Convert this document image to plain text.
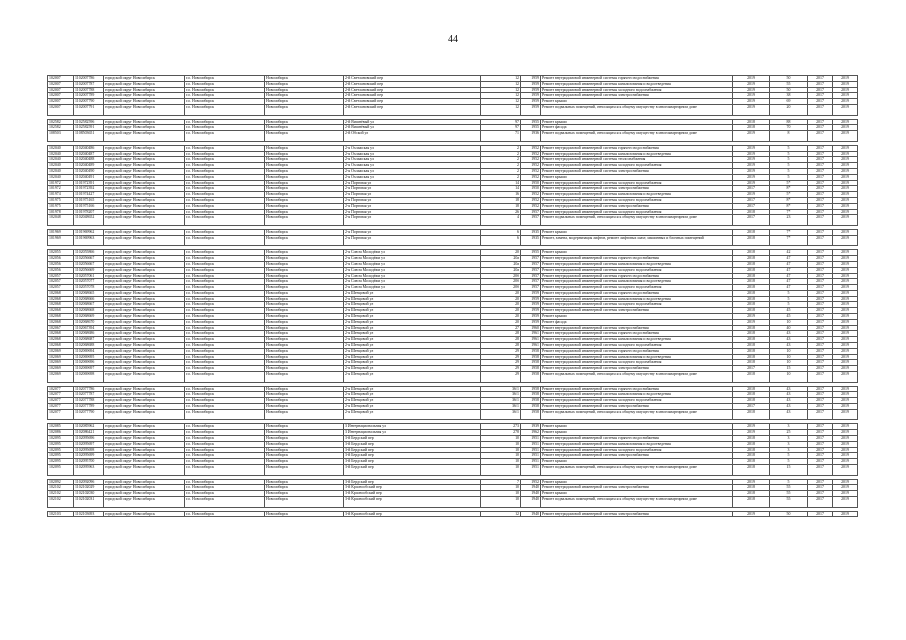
44
102007	1102007786	городской округ Новосибирск	г.о. Новосибирск	Новосибирск	2-й Светлановский пер	12	1959	Ремонт внутридомовой инженерной системы горячего водоснабжения	2019	50	2017	2019
102007	1102007787	городской округ Новосибирск	г.о. Новосибирск	Новосибирск	2-й Светлановский пер	12	1959	Ремонт внутридомовой инженерной системы канализования и водоотведения	2019	55	2017	2019
102007	1102007788	городской округ Новосибирск	г.о. Новосибирск	Новосибирск	2-й Светлановский пер	12	1959	Ремонт внутридомовой инженерной системы холодного водоснабжения	2019	50	2017	2019
102007	1102007789	городской округ Новосибирск	г.о. Новосибирск	Новосибирск	2-й Светлановский пер	12	1959	Ремонт внутридомовой инженерной системы электроснабжения	2019	38	2017	2019
102007	1102007790	городской округ Новосибирск	г.о. Новосибирск	Новосибирск	2-й Светлановский пер	12	1959	Ремонт крыши	2019	69	2017	2019
102007	1102007791	городской округ Новосибирск	г.о. Новосибирск	Новосибирск	2-й Светлановский пер	12	1959	Ремонт подвальных помещений, относящихся к общему имуществу в многоквартирном доме	2019	20	2017	2019

102582	1102582596	городской округ Новосибирск	г.о. Новосибирск	Новосибирск	2-й Вишнёвый ул	97	1955	Ремонт крыши	2018	88	2017	2019
102582	1102582591	городской округ Новосибирск	г.о. Новосибирск	Новосибирск	2-й Вишнёвый ул	97	1955	Ремонт фасада	2018	70	2017	2019
108503	1108503651	городской округ Новосибирск	г.о. Новосибирск	Новосибирск	2-й Обской ул	71	1936	Ремонт подвальных помещений, относящихся к общему имуществу в многоквартирном доме	2019	8	2017	2019

102040	1102040486	городской округ Новосибирск	г.о. Новосибирск	Новосибирск	2-я Охлажская ул	2	1952	Ремонт внутридомовой инженерной системы горячего водоснабжения	2019	5	2017	2019
102040	1102040487	городской округ Новосибирск	г.о. Новосибирск	Новосибирск	2-я Охлажская ул	2	1952	Ремонт внутридомовой инженерной системы канализования и водоотведения	2019	5	2017	2019
102040	1102040488	городской округ Новосибирск	г.о. Новосибирск	Новосибирск	2-я Охлажская ул	2	1952	Ремонт внутридомовой инженерной системы теплоснабжения	2019	5	2017	2019
102040	1102040489	городской округ Новосибирск	г.о. Новосибирск	Новосибирск	2-я Охлажская ул	2	1952	Ремонт внутридомовой инженерной системы холодного водоснабжения	2019	5	2017	2019
102040	1102040490	городской округ Новосибирск	г.о. Новосибирск	Новосибирск	2-я Охлажская ул	2	1952	Ремонт внутридомовой инженерной системы электроснабжения	2019	5	2017	2019
102040	1102040491	городской округ Новосибирск	г.о. Новосибирск	Новосибирск	2-я Охлажская ул	2	1952	Ремонт крыши	2019	5	2017	2019
101972	1101972391	городской округ Новосибирск	г.о. Новосибирск	Новосибирск	2-я Портовая ул	14	1950	Ремонт внутридомовой инженерной системы холодного водоснабжения	2019	5*	2017	2019
101972	1101972392	городской округ Новосибирск	г.о. Новосибирск	Новосибирск	2-я Портовая ул	14	1950	Ремонт внутридомовой инженерной системы электроснабжения	2017	8*	2017	2019
101974	1101974427	городской округ Новосибирск	г.о. Новосибирск	Новосибирск	2-я Портовая ул	16	1952	Ремонт внутридомовой инженерной системы канализования и водоотведения	2019	5*	2017	2019
101975	1101975165	городской округ Новосибирск	г.о. Новосибирск	Новосибирск	2-я Портовая ул	18	1952	Ремонт внутридомовой инженерной системы холодного водоснабжения	2017	8*	2017	2019
101975	1101975166	городской округ Новосибирск	г.о. Новосибирск	Новосибирск	2-я Портовая ул	18	1952	Ремонт внутридомовой инженерной системы электроснабжения	2017	8*	2017	2019
101978	1101978207	городской округ Новосибирск	г.о. Новосибирск	Новосибирск	2-я Портовая ул	26	1957	Ремонт внутридомовой инженерной системы холодного водоснабжения	2018	7*	2017	2019
102048	1102048652	городской округ Новосибирск	г.о. Новосибирск	Новосибирск	2-я Портовая ул	4	1957	Ремонт подвальных помещений, относящихся к общему имуществу в многоквартирном доме	2017	23	2017	2019

101969	1101969962	городской округ Новосибирск	г.о. Новосибирск	Новосибирск	2-я Портовая ул	6	1935	Ремонт крыши	2018	7*	2017	2019
101969	1101969963	городской округ Новосибирск	г.о. Новосибирск	Новосибирск	2-я Портовая ул	6	1935	Ремонт, замена, модернизация лифтов, ремонт лифтовых шахт, машинных и блочных помещений	2018	7*	2017	2019

102055	1102055866	городской округ Новосибирск	г.о. Новосибирск	Новосибирск	2-я Союза Молодёжи ул	20	1955	Ремонт крыши	2018	42	2017	2019
102056	1102056667	городской округ Новосибирск	г.о. Новосибирск	Новосибирск	2-я Союза Молодёжи ул	20а	1957	Ремонт внутридомовой инженерной системы горячего водоснабжения	2018	47	2017	2019
102056	1102056667	городской округ Новосибирск	г.о. Новосибирск	Новосибирск	2-я Союза Молодёжи ул	20а	1957	Ремонт внутридомовой инженерной системы канализования и водоотведения	2018	47	2017	2019
102056	1102056669	городской округ Новосибирск	г.о. Новосибирск	Новосибирск	2-я Союза Молодёжи ул	20а	1957	Ремонт внутридомовой инженерной системы холодного водоснабжения	2018	47	2017	2019
102057	1102057061	городской округ Новосибирск	г.о. Новосибирск	Новосибирск	2-я Союза Молодёжи ул	20б	1957	Ремонт внутридомовой инженерной системы горячего водоснабжения	2018	47	2017	2019
102057	1102057077	городской округ Новосибирск	г.о. Новосибирск	Новосибирск	2-я Союза Молодёжи ул	20б	1957	Ремонт внутридомовой инженерной системы канализования и водоотведения	2018	47	2017	2019
102057	1102057078	городской округ Новосибирск	г.о. Новосибирск	Новосибирск	2-я Союза Молодёжи ул	20б	1957	Ремонт внутридомовой инженерной системы холодного водоснабжения	2018	47	2017	2019
102068	1102068665	городской округ Новосибирск	г.о. Новосибирск	Новосибирск	2-я Шенцовой ул	20	1959	Ремонт внутридомовой инженерной системы горячего водоснабжения	2018	5	2017	2019
102068	1102068666	городской округ Новосибирск	г.о. Новосибирск	Новосибирск	2-я Шенцовой ул	20	1959	Ремонт внутридомовой инженерной системы канализования и водоотведения	2018	5	2017	2019
102068	1102068667	городской округ Новосибирск	г.о. Новосибирск	Новосибирск	2-я Шенцовой ул	20	1959	Ремонт внутридомовой инженерной системы холодного водоснабжения	2018	5	2017	2019
102068	1102068668	городской округ Новосибирск	г.о. Новосибирск	Новосибирск	2-я Шенцовой ул	20	1959	Ремонт внутридомовой инженерной системы электроснабжения	2018	45	2017	2019
102068	1102068669	городской округ Новосибирск	г.о. Новосибирск	Новосибирск	2-я Шенцовой ул	20	1959	Ремонт крыши	2019	45	2017	2019
102068	1102068670	городской округ Новосибирск	г.о. Новосибирск	Новосибирск	2-я Шенцовой ул	20	1959	Ремонт фасада	2019	10	2017	2019
102067	1102067394	городской округ Новосибирск	г.о. Новосибирск	Новосибирск	2-я Шенцовой ул	27	1960	Ремонт внутридомовой инженерной системы электроснабжения	2018	40	2017	2019
102068	1102068686	городской округ Новосибирск	г.о. Новосибирск	Новосибирск	2-я Шенцовой ул	28	1961	Ремонт внутридомовой инженерной системы горячего водоснабжения	2018	43	2017	2019
102068	1102068687	городской округ Новосибирск	г.о. Новосибирск	Новосибирск	2-я Шенцовой ул	28	1961	Ремонт внутридомовой инженерной системы канализования и водоотведения	2018	43	2017	2019
102068	1102068688	городской округ Новосибирск	г.о. Новосибирск	Новосибирск	2-я Шенцовой ул	28	1961	Ремонт внутридомовой инженерной системы холодного водоснабжения	2018	43	2017	2019
102069	1102069694	городской округ Новосибирск	г.о. Новосибирск	Новосибирск	2-я Шенцовой ул	29	1958	Ремонт внутридомовой инженерной системы горячего водоснабжения	2018	10	2017	2019
102069	1102069695	городской округ Новосибирск	г.о. Новосибирск	Новосибирск	2-я Шенцовой ул	29	1958	Ремонт внутридомовой инженерной системы канализования и водоотведения	2018	10	2017	2019
102069	1102069696	городской округ Новосибирск	г.о. Новосибирск	Новосибирск	2-я Шенцовой ул	29	1958	Ремонт внутридомовой инженерной системы холодного водоснабжения	2018	10	2017	2019
102069	1102069697	городской округ Новосибирск	г.о. Новосибирск	Новосибирск	2-я Шенцовой ул	29	1958	Ремонт внутридомовой инженерной системы электроснабжения	2017	15	2017	2019
102069	1102069698	городской округ Новосибирск	г.о. Новосибирск	Новосибирск	2-я Шенцовой ул	29	1958	Ремонт подвальных помещений, относящихся к общему имуществу в многоквартирном доме	2018	10	2017	2019

102077	1102077786	городской округ Новосибирск	г.о. Новосибирск	Новосибирск	2-я Шенцовой ул	36/1	1958	Ремонт внутридомовой инженерной системы горячего водоснабжения	2018	43	2017	2019
102077	1102077787	городской округ Новосибирск	г.о. Новосибирск	Новосибирск	2-я Шенцовой ул	36/1	1958	Ремонт внутридомовой инженерной системы канализования и водоотведения	2018	43	2017	2019
102077	1102077788	городской округ Новосибирск	г.о. Новосибирск	Новосибирск	2-я Шенцовой ул	36/1	1958	Ремонт внутридомовой инженерной системы холодного водоснабжения	2018	43	2017	2019
102077	1102077789	городской округ Новосибирск	г.о. Новосибирск	Новосибирск	2-я Шенцовой ул	36/1	1958	Ремонт внутридомовой инженерной системы электроснабжения	2017	43	2017	2019
102077	1102077790	городской округ Новосибирск	г.о. Новосибирск	Новосибирск	2-я Шенцовой ул	36/1	1958	Ремонт подвальных помещений, относящихся к общему имуществу в многоквартирном доме	2018	43	2017	2019

102085	1102085962	городской округ Новосибирск	г.о. Новосибирск	Новосибирск	3 Интернациональная ул	273	1939	Ремонт крыши	2019	3	2017	2019
102086	1102086421	городской округ Новосибирск	г.о. Новосибирск	Новосибирск	3 Интернациональная ул	278	1962	Ремонт крыши	2019	25	2017	2019
102095	1102095696	городской округ Новосибирск	г.о. Новосибирск	Новосибирск	3-й Бердский пер	10	1951	Ремонт внутридомовой инженерной системы горячего водоснабжения	2018	3	2017	2019
102095	1102095697	городской округ Новосибирск	г.о. Новосибирск	Новосибирск	3-й Бердский пер	10	1951	Ремонт внутридомовой инженерной системы канализования и водоотведения	2018	3	2017	2019
102095	1102095698	городской округ Новосибирск	г.о. Новосибирск	Новосибирск	3-й Бердский пер	10	1951	Ремонт внутридомовой инженерной системы холодного водоснабжения	2018	3	2017	2019
102095	1102095699	городской округ Новосибирск	г.о. Новосибирск	Новосибирск	3-й Бердский пер	10	1951	Ремонт внутридомовой инженерной системы электроснабжения	2018	5	2017	2019
102095	1102095700	городской округ Новосибирск	г.о. Новосибирск	Новосибирск	3-й Бердский пер	10	1951	Ремонт крыши	2018	5	2017	2019
102095	1102095963	городской округ Новосибирск	г.о. Новосибирск	Новосибирск	3-й Бердский пер	10	1951	Ремонт подвальных помещений, относящихся к общему имуществу в многоквартирном доме	2018	15	2017	2019

102092	1102092096	городской округ Новосибирск	г.о. Новосибирск	Новосибирск	3-й Бердский пер	7	1952	Ремонт крыши	2019	5	2017	2019
102102	1102102029	городской округ Новосибирск	г.о. Новосибирск	Новосибирск	3-й Краснообский пер	10	1940	Ремонт внутридомовой инженерной системы электроснабжения	2018	55	2017	2019
102102	1102102030	городской округ Новосибирск	г.о. Новосибирск	Новосибирск	3-й Краснообский пер	10	1940	Ремонт крыши	2018	55	2017	2019
102102	1102102031	городской округ Новосибирск	г.о. Новосибирск	Новосибирск	3-й Краснообский пер	10	1940	Ремонт подвальных помещений, относящихся к общему имуществу в многоквартирном доме	2018	55	2017	2019

102103	1102103693	городской округ Новосибирск	г.о. Новосибирск	Новосибирск	3-й Краснообский пер	12	1940	Ремонт внутридомовой инженерной системы электроснабжения	2019	50	2017	2019
